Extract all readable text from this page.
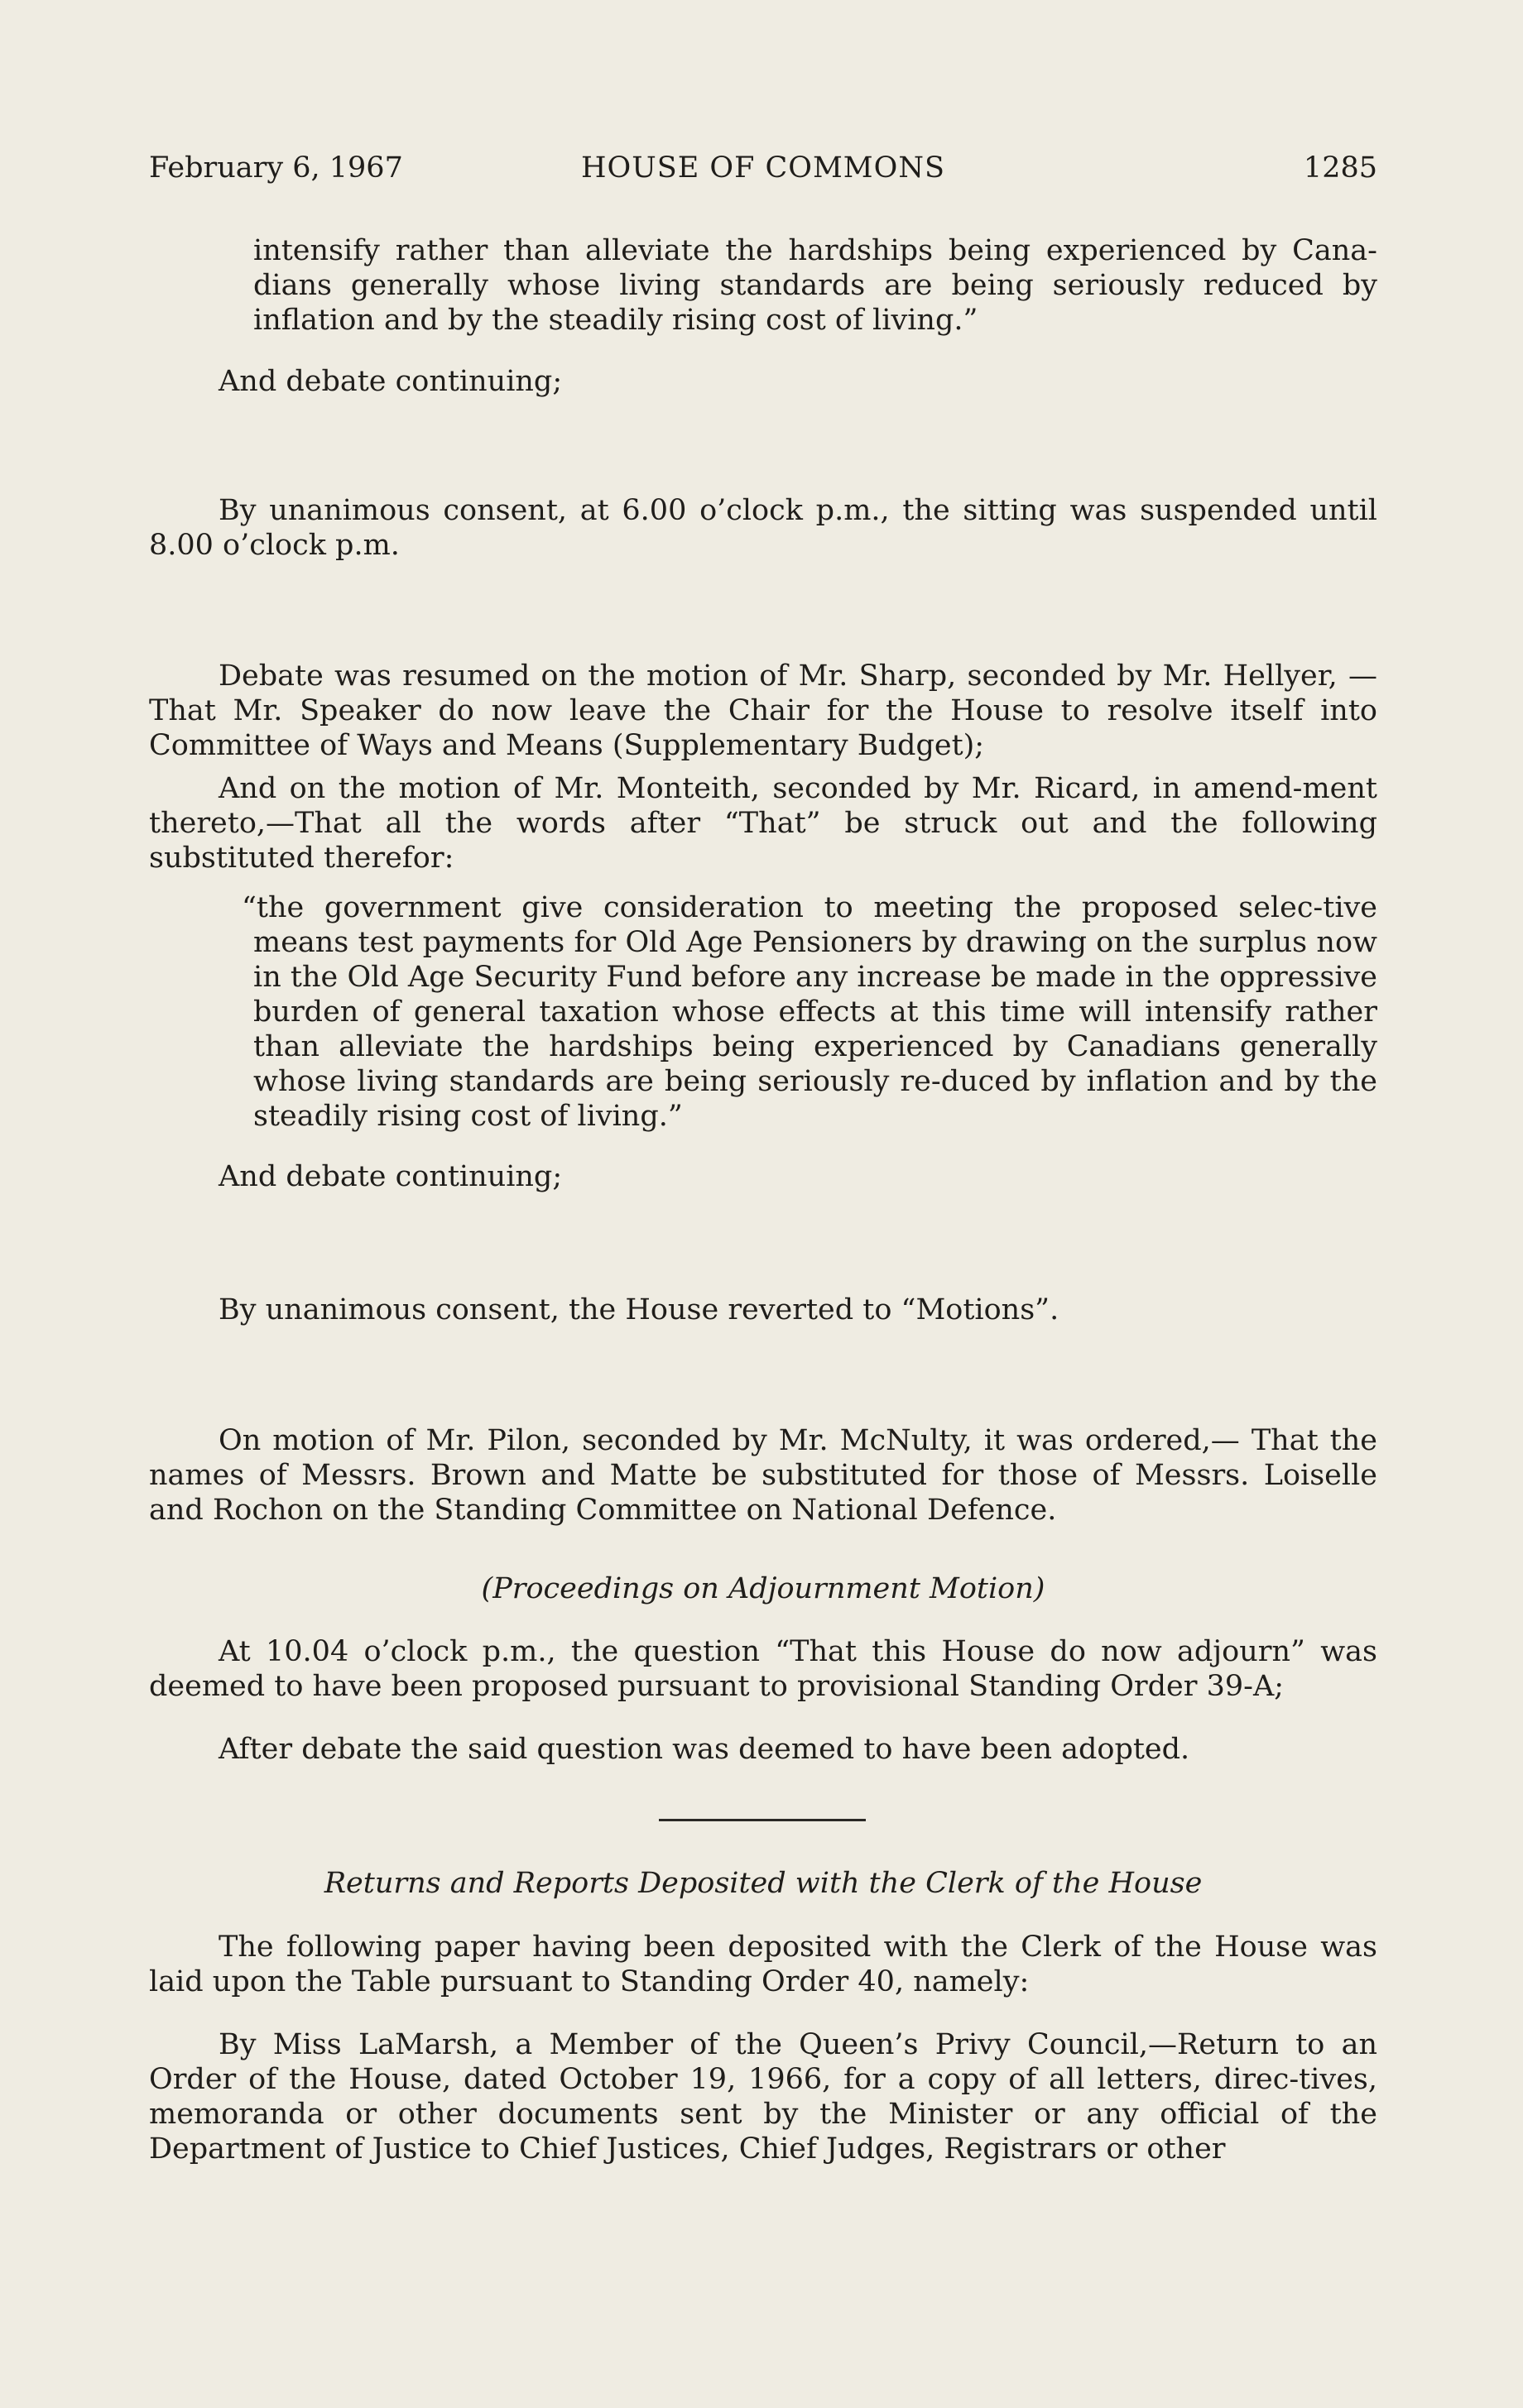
February 6, 1967	HOUSE OF COMMONS	1285

intensify rather than alleviate the hardships being experienced by Cana-dians generally whose living standards are being seriously reduced by inflation and by the steadily rising cost of living.”

And debate continuing;

By unanimous consent, at 6.00 o’clock p.m., the sitting was suspended until 8.00 o’clock p.m.

Debate was resumed on the motion of Mr. Sharp, seconded by Mr. Hellyer, —That Mr. Speaker do now leave the Chair for the House to resolve itself into Committee of Ways and Means (Supplementary Budget);

And on the motion of Mr. Monteith, seconded by Mr. Ricard, in amend-ment thereto,—That all the words after “That” be struck out and the following substituted therefor:

“the government give consideration to meeting the proposed selec-tive means test payments for Old Age Pensioners by drawing on the surplus now in the Old Age Security Fund before any increase be made in the oppressive burden of general taxation whose effects at this time will intensify rather than alleviate the hardships being experienced by Canadians generally whose living standards are being seriously re-duced by inflation and by the steadily rising cost of living.”

And debate continuing;

By unanimous consent, the House reverted to “Motions”.

On motion of Mr. Pilon, seconded by Mr. McNulty, it was ordered,— That the names of Messrs. Brown and Matte be substituted for those of Messrs. Loiselle and Rochon on the Standing Committee on National Defence.

(Proceedings on Adjournment Motion)

At 10.04 o’clock p.m., the question “That this House do now adjourn” was deemed to have been proposed pursuant to provisional Standing Order 39-A;

After debate the said question was deemed to have been adopted.

Returns and Reports Deposited with the Clerk of the House

The following paper having been deposited with the Clerk of the House was laid upon the Table pursuant to Standing Order 40, namely:

By Miss LaMarsh, a Member of the Queen’s Privy Council,—Return to an Order of the House, dated October 19, 1966, for a copy of all letters, direc-tives, memoranda or other documents sent by the Minister or any official of the Department of Justice to Chief Justices, Chief Judges, Registrars or other
